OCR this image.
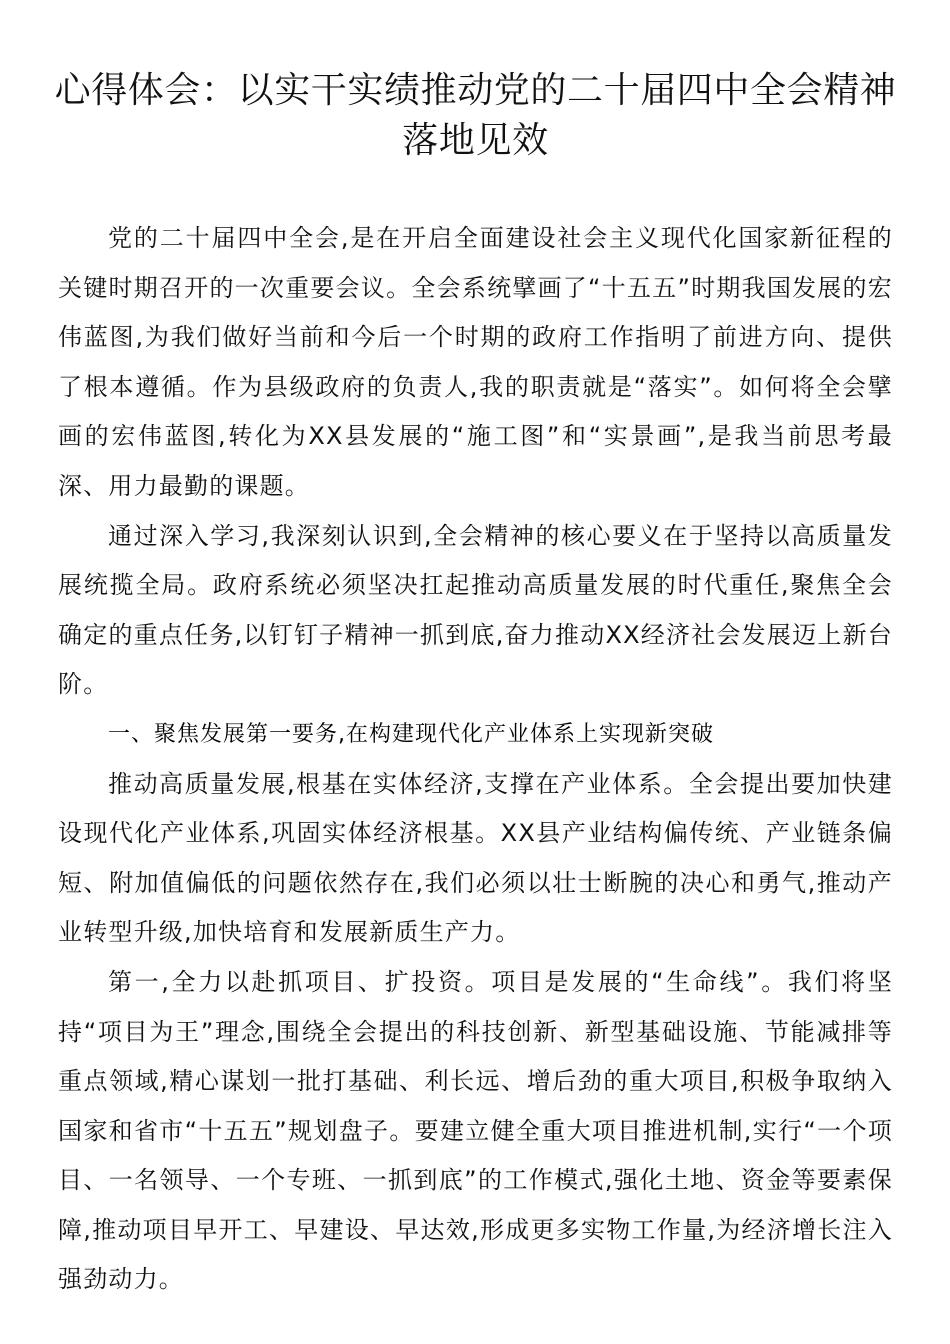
心得体会：以实干实绩推动党的二十届四中全会精神落地见效

党的二十届四中全会,是在开启全面建设社会主义现代化国家新征程的关键时期召开的一次重要会议。全会系统擘画了“十五五”时期我国发展的宏伟蓝图,为我们做好当前和今后一个时期的政府工作指明了前进方向、提供了根本遵循。作为县级政府的负责人,我的职责就是“落实”。如何将全会擘画的宏伟蓝图,转化为XX县发展的“施工图”和“实景画”,是我当前思考最深、用力最勤的课题。

通过深入学习,我深刻认识到,全会精神的核心要义在于坚持以高质量发展统揽全局。政府系统必须坚决扛起推动高质量发展的时代重任,聚焦全会确定的重点任务,以钉钉子精神一抓到底,奋力推动XX经济社会发展迈上新台阶。

一、聚焦发展第一要务,在构建现代化产业体系上实现新突破

推动高质量发展,根基在实体经济,支撑在产业体系。全会提出要加快建设现代化产业体系,巩固实体经济根基。XX县产业结构偏传统、产业链条偏短、附加值偏低的问题依然存在,我们必须以壮士断腕的决心和勇气,推动产业转型升级,加快培育和发展新质生产力。

第一,全力以赴抓项目、扩投资。项目是发展的“生命线”。我们将坚持“项目为王”理念,围绕全会提出的科技创新、新型基础设施、节能减排等重点领域,精心谋划一批打基础、利长远、增后劲的重大项目,积极争取纳入国家和省市“十五五”规划盘子。要建立健全重大项目推进机制,实行“一个项目、一名领导、一个专班、一抓到底”的工作模式,强化土地、资金等要素保障,推动项目早开工、早建设、早达效,形成更多实物工作量,为经济增长注入强劲动力。
